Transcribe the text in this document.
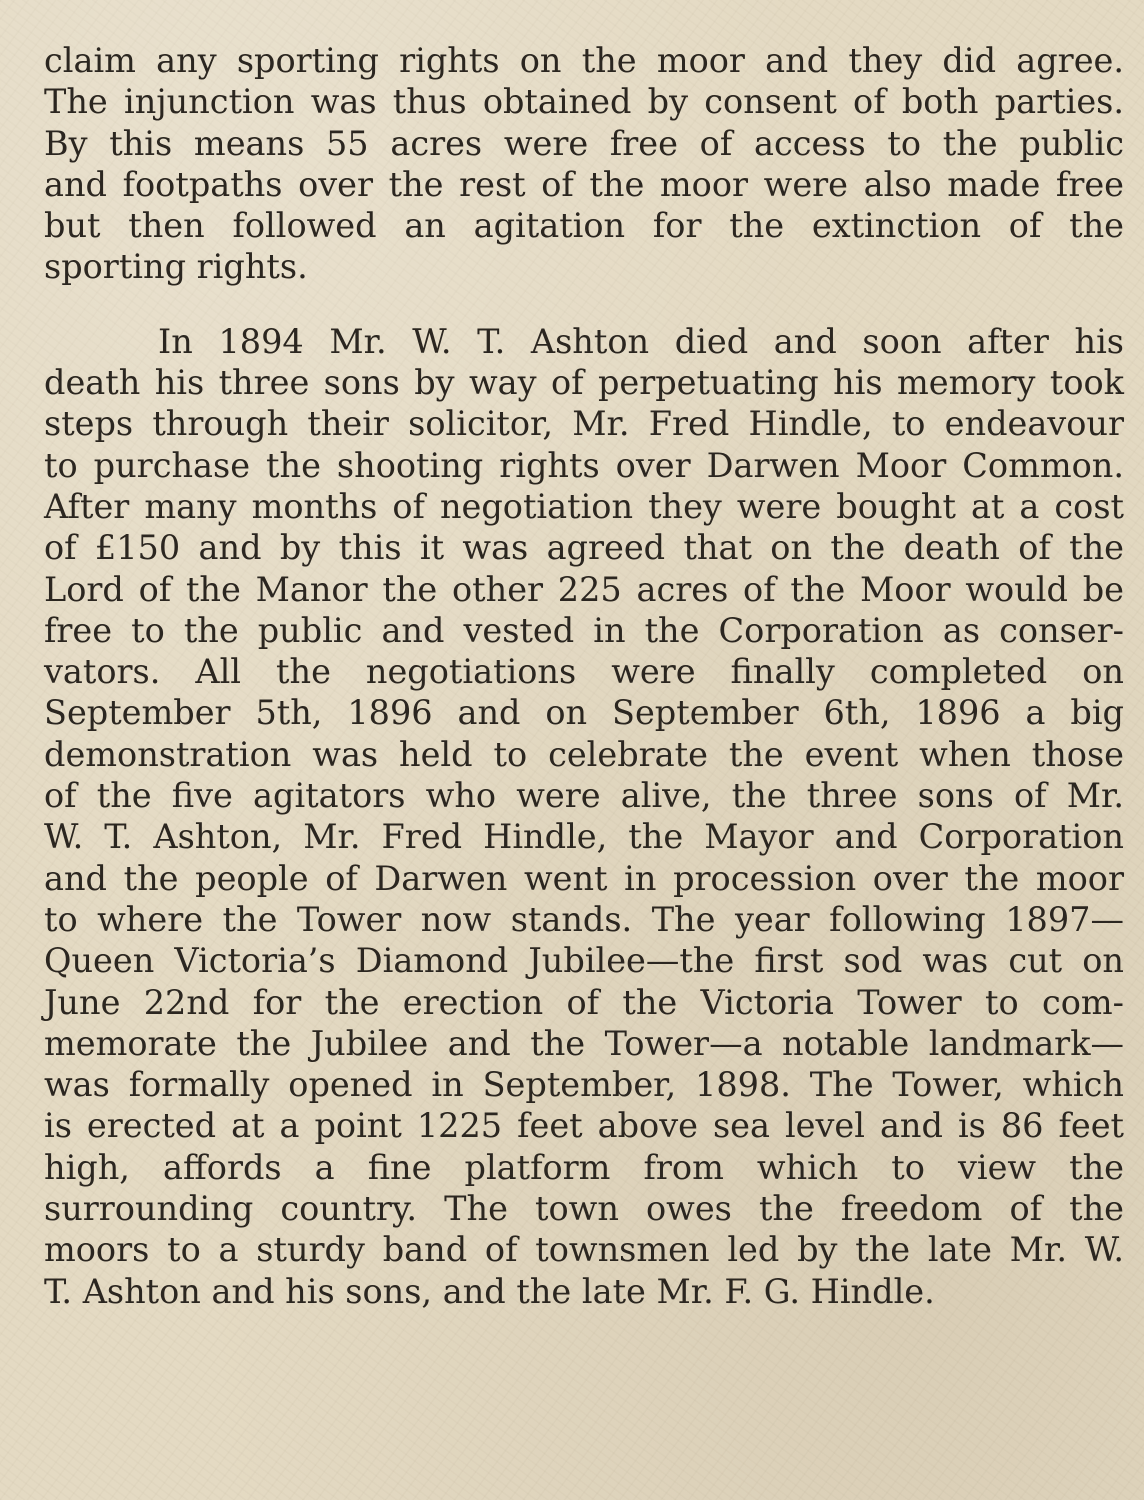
claim any sporting rights on the moor and they did agree.
The injunction was thus obtained by consent of both parties.
By this means 55 acres were free of access to the public
and footpaths over the rest of the moor were also made free
but then followed an agitation for the extinction of the
sporting rights.
In 1894 Mr. W. T. Ashton died and soon after his
death his three sons by way of perpetuating his memory took
steps through their solicitor, Mr. Fred Hindle, to endeavour
to purchase the shooting rights over Darwen Moor Common.
After many months of negotiation they were bought at a cost
of £150 and by this it was agreed that on the death of the
Lord of the Manor the other 225 acres of the Moor would be
free to the public and vested in the Corporation as conser-
vators. All the negotiations were finally completed on
September 5th, 1896 and on September 6th, 1896 a big
demonstration was held to celebrate the event when those
of the five agitators who were alive, the three sons of Mr.
W. T. Ashton, Mr. Fred Hindle, the Mayor and Corporation
and the people of Darwen went in procession over the moor
to where the Tower now stands. The year following 1897—
Queen Victoria’s Diamond Jubilee—the first sod was cut on
June 22nd for the erection of the Victoria Tower to com-
memorate the Jubilee and the Tower—a notable landmark—
was formally opened in September, 1898. The Tower, which
is erected at a point 1225 feet above sea level and is 86 feet
high, affords a fine platform from which to view the
surrounding country. The town owes the freedom of the
moors to a sturdy band of townsmen led by the late Mr. W.
T. Ashton and his sons, and the late Mr. F. G. Hindle.
